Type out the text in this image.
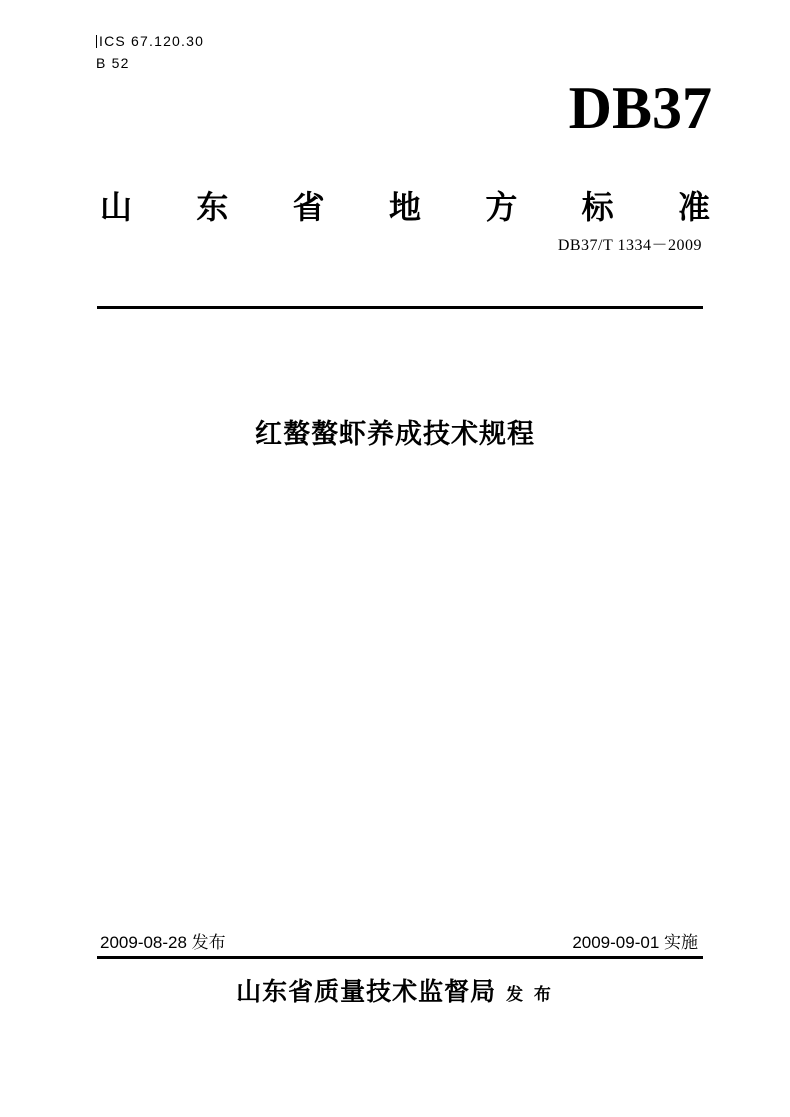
ICS 67.120.30
B 52
DB37
山 东 省 地 方 标 准
DB37/T 1334－2009
红螯螯虾养成技术规程
2009-08-28 发布	2009-09-01 实施
山东省质量技术监督局 发 布
